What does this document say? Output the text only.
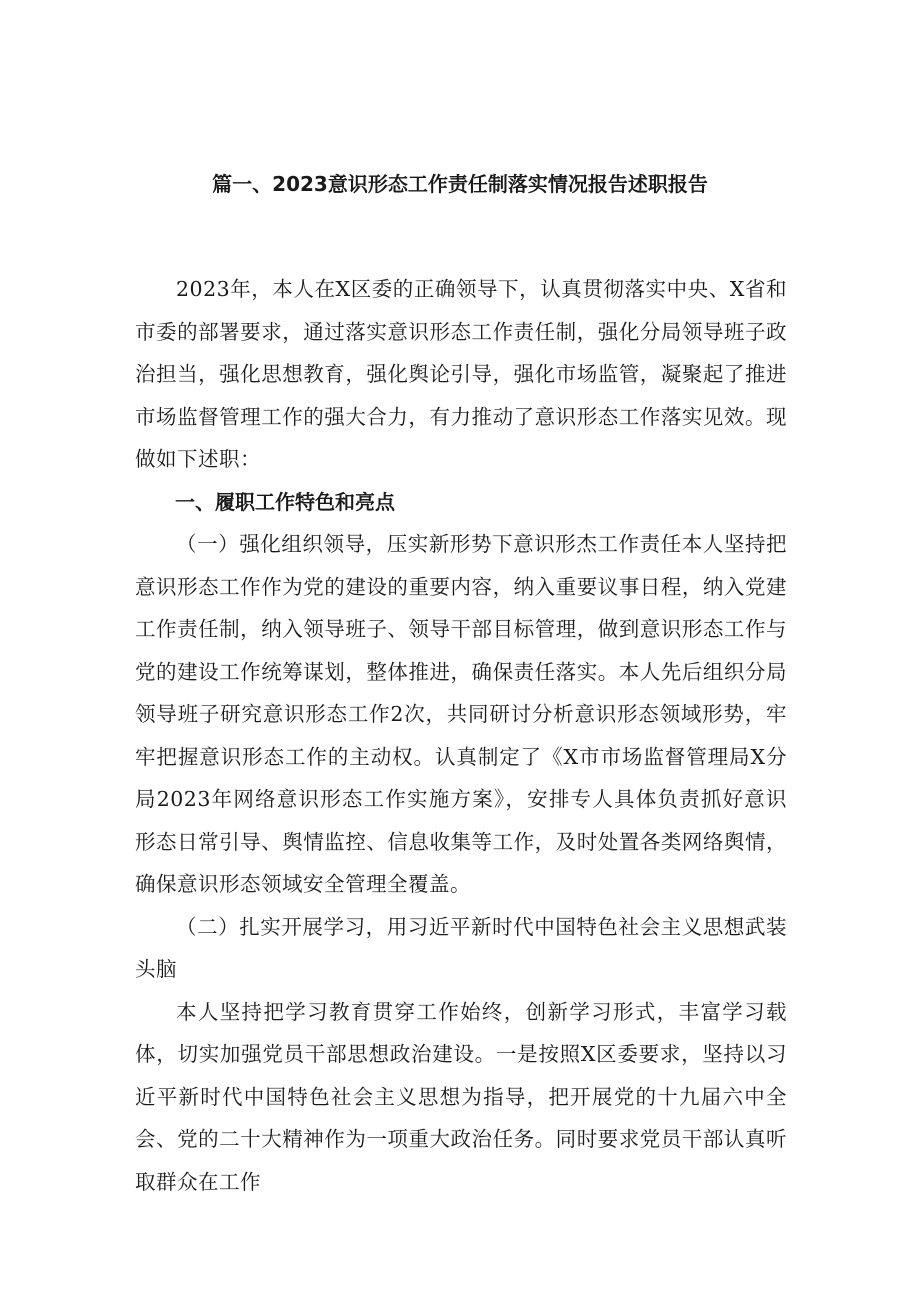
篇一、2023意识形态工作责任制落实情况报告述职报告

2023年，本人在X区委的正确领导下，认真贯彻落实中央、X省和市委的部署要求，通过落实意识形态工作责任制，强化分局领导班子政治担当，强化思想教育，强化舆论引导，强化市场监管，凝聚起了推进市场监督管理工作的强大合力，有力推动了意识形态工作落实见效。现做如下述职：

一、履职工作特色和亮点

（一）强化组织领导，压实新形势下意识形杰工作责任本人坚持把意识形态工作作为党的建设的重要内容，纳入重要议事日程，纳入党建工作责任制，纳入领导班子、领导干部目标管理，做到意识形态工作与党的建设工作统筹谋划，整体推进，确保责任落实。本人先后组织分局领导班子研究意识形态工作2次，共同研讨分析意识形态领域形势，牢牢把握意识形态工作的主动权。认真制定了《X市市场监督管理局X分局2023年网络意识形态工作实施方案》，安排专人具体负责抓好意识形态日常引导、舆情监控、信息收集等工作，及时处置各类网络舆情，确保意识形态领域安全管理全覆盖。

（二）扎实开展学习，用习近平新时代中国特色社会主义思想武装头脑

本人坚持把学习教育贯穿工作始终，创新学习形式，丰富学习载体，切实加强党员干部思想政治建设。一是按照X区委要求，坚持以习近平新时代中国特色社会主义思想为指导，把开展党的十九届六中全会、党的二十大精神作为一项重大政治任务。同时要求党员干部认真听取群众在工作
